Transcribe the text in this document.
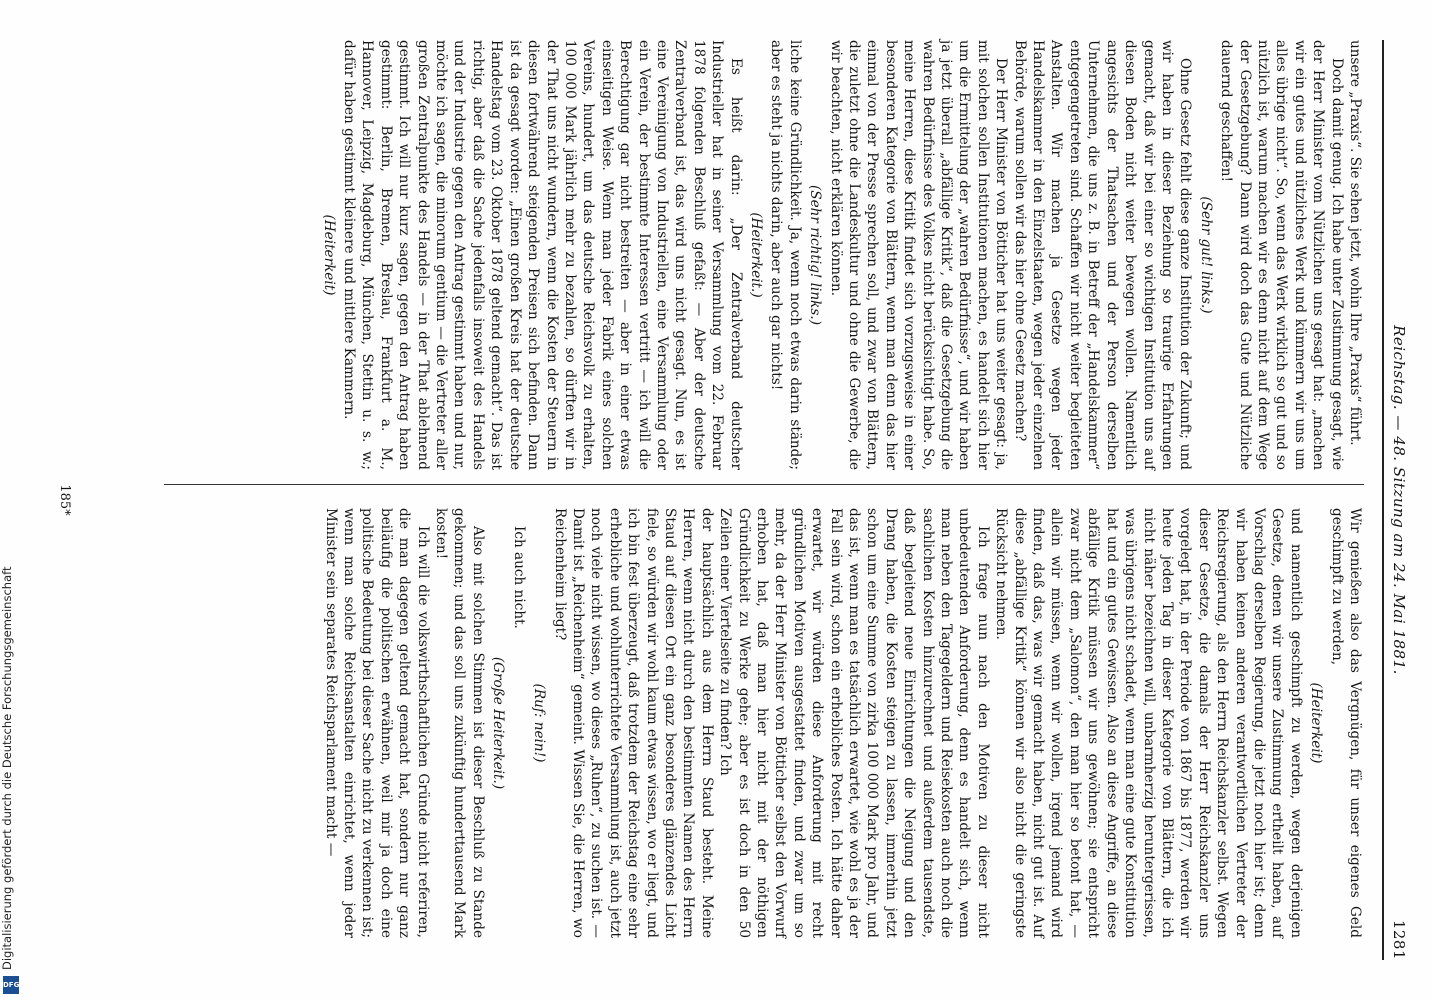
Reichstag. — 48. Sitzung am 24. Mai 1881.
1281

unsere „Praxis“. Sie sehen jetzt, wohin Ihre „Praxis“ führt.

Doch damit genug. Ich habe unter Zustimmung gesagt, wie der Herr Minister vom Nützlichen uns gesagt hat: „machen wir ein gutes und nützliches Werk und kümmern wir uns um alles übrige nicht“. So, wenn das Werk wirklich so gut und so nützlich ist, warum machen wir es denn nicht auf dem Wege der Gesetzgebung? Dann wird doch das Gute und Nützliche dauernd geschaffen!

(Sehr gut! links.)

Ohne Gesetz fehlt diese ganze Institution der Zukunft; und wir haben in dieser Beziehung so traurige Erfahrungen gemacht, daß wir bei einer so wichtigen Institution uns auf diesen Boden nicht weiter bewegen wollen. Namentlich angesichts der Thatsachen und der Person derselben Unternehmen, die uns z. B. in Betreff der „Handelskammer“ entgegengetreten sind. Schaffen wir nicht weiter begleiteten Anstalten. Wir machen ja Gesetze wegen jeder Handelskammer in den Einzelstaaten, wegen jeder einzelnen Behörde, warum sollen wir das hier ohne Gesetz machen?

Der Herr Minister von Bötticher hat uns weiter gesagt: ja, mit solchen sollen Institutionen machen, es handelt sich hier um die Ermittelung der „wahren Bedürfnisse“, und wir haben ja jetzt überall „abfällige Kritik“, daß die Gesetzgebung die wahren Bedürfnisse des Volkes nicht berücksichtigt habe. So, meine Herren, diese Kritik findet sich vorzugsweise in einer besonderen Kategorie von Blättern, wenn man denn das hier einmal von der Presse sprechen soll, und zwar von Blättern, die zuletzt ohne die Landeskultur und ohne die Gewerbe, die wir beachten, nicht erklären können.

(Sehr richtig! links.)

liche keine Gründlichkeit. Ja, wenn noch etwas darin stände; aber es steht ja nichts darin, aber auch gar nichts!

(Heiterkeit.)

Es heißt darin: „Der Zentralverband deutscher Industrieller hat in seiner Versammlung vom 22. Februar 1878 folgenden Beschluß gefaßt: — Aber der deutsche Zentralverband ist, das wird uns nicht gesagt. Nun, es ist eine Vereinigung von Industriellen, eine Versammlung oder ein Verein, der bestimmte Interessen vertritt — ich will die Berechtigung gar nicht bestreiten — aber in einer etwas einseitigen Weise. Wenn man jeder Fabrik eines solchen Vereins, hundert, um das deutsche Reichsvolk zu erhalten, 100 000 Mark jährlich mehr zu bezahlen, so dürften wir in der That uns nicht wundern, wenn die Kosten der Steuern in diesen fortwährend steigenden Preisen sich befinden. Dann ist da gesagt worden: „Einen großen Kreis hat der deutsche Handelstag vom 23. Oktober 1878 geltend gemacht“. Das ist richtig, aber daß die Sache jedenfalls insoweit des Handels und der Industrie gegen den Antrag gestimmt haben und nur, möchte ich sagen, die minorum gentium — die Vertreter aller großen Zentralpunkte des Handels — in der That ablehnend gestimmt. Ich will nur kurz sagen, gegen den Antrag haben gestimmt: Berlin, Bremen, Breslau, Frankfurt a. M., Hannover, Leipzig, Magdeburg, München, Stettin u. s. w.; dafür haben gestimmt kleinere und mittlere Kammern.

(Heiterkeit)

Wir genießen also das Vergnügen, für unser eigenes Geld geschimpft zu werden,

(Heiterkeit)

und namentlich geschimpft zu werden, wegen derjenigen Gesetze, denen wir unsere Zustimmung ertheilt haben, auf Vorschlag derselben Regierung, die jetzt noch hier ist; denn wir haben keinen anderen verantwortlichen Vertreter der Reichsregierung, als den Herrn Reichskanzler selbst. Wegen dieser Gesetze, die damals der Herr Reichskanzler uns vorgelegt hat, in der Periode von 1867 bis 1877, werden wir heute jeden Tag in dieser Kategorie von Blättern, die ich nicht näher bezeichnen will, unbarmherzig heruntergerissen, was übrigens nicht schadet, wenn man eine gute Konstitution hat und ein gutes Gewissen. Also an diese Angriffe, an diese abfällige Kritik müssen wir uns gewöhnen; sie entspricht zwar nicht dem „Salomon“, den man hier so betont hat, — allein wir müssen, wenn wir wollen, irgend jemand wird finden, daß das, was wir gemacht haben, nicht gut ist. Auf diese „abfällige Kritik“ können wir also nicht die geringste Rücksicht nehmen.

Ich frage nun nach den Motiven zu dieser nicht unbedeutenden Anforderung, denn es handelt sich, wenn man neben den Tagegeldern und Reisekosten auch noch die sachlichen Kosten hinzurechnet und außerdem tausendste, daß begleitend neue Einrichtungen die Neigung und den Drang haben, die Kosten steigen zu lassen, immerhin jetzt schon um eine Summe von zirka 100 000 Mark pro Jahr, und das ist, wenn man es tatsächlich erwartet, wie wohl es ja der Fall sein wird, schon ein erhebliches Posten. Ich hätte daher erwartet, wir würden diese Anforderung mit recht gründlichen Motiven ausgestattet finden, und zwar um so mehr, da der Herr Minister von Bötticher selbst den Vorwurf erhoben hat, daß man hier nicht mit der nöthigen Gründlichkeit zu Werke gehe; aber es ist doch in den 50 Zeilen einer Viertelseite zu finden? Ich

der hauptsächlich aus dem Herrn Staud besteht. Meine Herren, wenn nicht durch den bestimmten Namen des Herrn Staud auf diesen Ort ein ganz besonderes glänzendes Licht fiele, so würden wir wohl kaum etwas wissen, wo er liegt, und ich bin fest überzeugt, daß trotzdem der Reichstag eine sehr erhebliche und wohlunterrichtete Versammlung ist, auch jetzt noch viele nicht wissen, wo dieses „Ruhen“, zu suchen ist. — Damit ist „Reichenheim“ gemeint. Wissen Sie, die Herren, wo Reichenheim liegt?

(Ruf: nein!)

Ich auch nicht.

(Große Heiterkeit.)

Also mit solchen Stimmen ist dieser Beschluß zu Stande gekommen; und das soll uns zukünftig hunderttausend Mark kosten!

Ich will die volkswirthschaftlichen Gründe nicht referiren, die man dagegen geltend gemacht hat, sondern nur ganz beiläufig die politischen erwähnen, weil mir ja doch eine politische Bedeutung bei dieser Sache nicht zu verkennen ist; wenn man solche Reichsanstalten einrichtet, wenn jeder Minister sein separates Reichsparlament macht —

185*
Digitalisierung gefördert durch die Deutsche Forschungsgemeinschaft
DFG
